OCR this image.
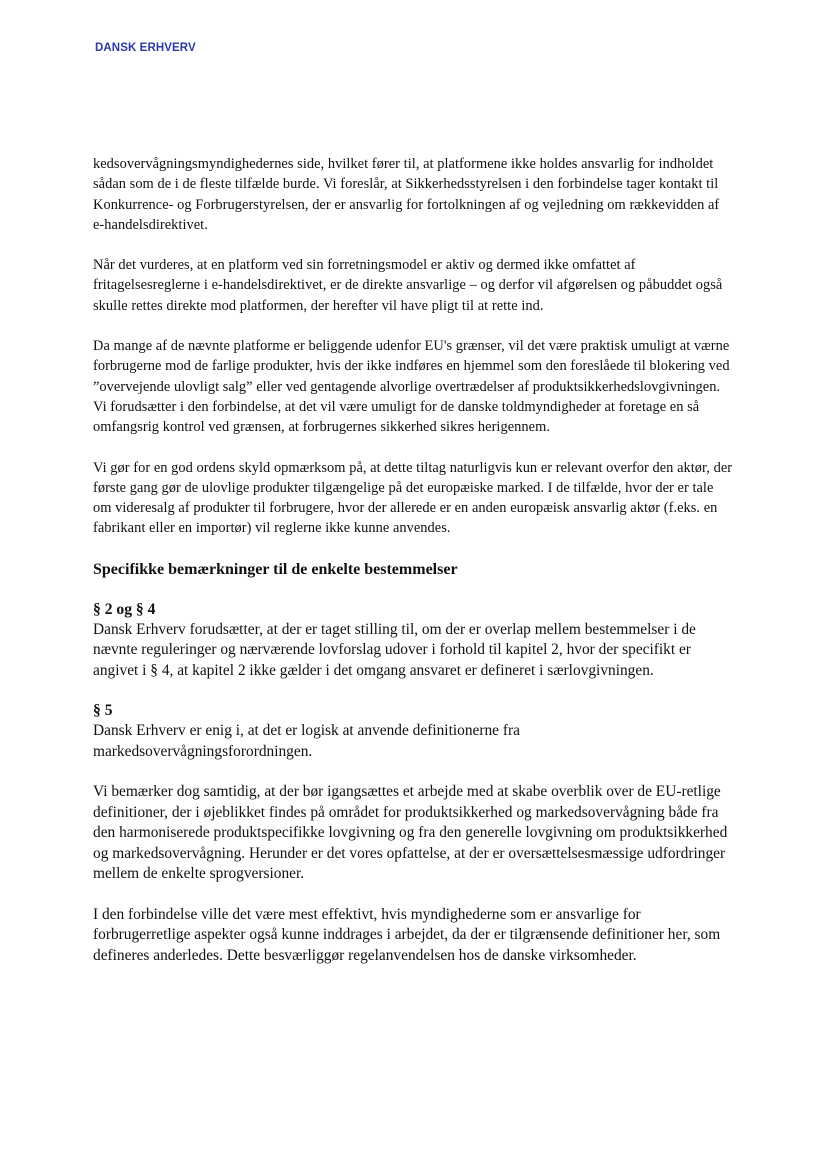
DANSK ERHVERV

kedsovervågningsmyndighedernes side, hvilket fører til, at platformene ikke holdes ansvarlig for indholdet sådan som de i de fleste tilfælde burde. Vi foreslår, at Sikkerhedsstyrelsen i den forbindelse tager kontakt til Konkurrence- og Forbrugerstyrelsen, der er ansvarlig for fortolkningen af og vejledning om rækkevidden af e-handelsdirektivet.

Når det vurderes, at en platform ved sin forretningsmodel er aktiv og dermed ikke omfattet af fritagelsesreglerne i e-handelsdirektivet, er de direkte ansvarlige – og derfor vil afgørelsen og påbuddet også skulle rettes direkte mod platformen, der herefter vil have pligt til at rette ind.

Da mange af de nævnte platforme er beliggende udenfor EU's grænser, vil det være praktisk umuligt at værne forbrugerne mod de farlige produkter, hvis der ikke indføres en hjemmel som den foreslåede til blokering ved ”overvejende ulovligt salg” eller ved gentagende alvorlige overtrædelser af produktsikkerhedslovgivningen. Vi forudsætter i den forbindelse, at det vil være umuligt for de danske toldmyndigheder at foretage en så omfangsrig kontrol ved grænsen, at forbrugernes sikkerhed sikres herigennem.

Vi gør for en god ordens skyld opmærksom på, at dette tiltag naturligvis kun er relevant overfor den aktør, der første gang gør de ulovlige produkter tilgængelige på det europæiske marked. I de tilfælde, hvor der er tale om videresalg af produkter til forbrugere, hvor der allerede er en anden europæisk ansvarlig aktør (f.eks. en fabrikant eller en importør) vil reglerne ikke kunne anvendes.

Specifikke bemærkninger til de enkelte bestemmelser
§ 2 og § 4

Dansk Erhverv forudsætter, at der er taget stilling til, om der er overlap mellem bestemmelser i de nævnte reguleringer og nærværende lovforslag udover i forhold til kapitel 2, hvor der specifikt er angivet i § 4, at kapitel 2 ikke gælder i det omgang ansvaret er defineret i særlovgivningen.

§ 5

Dansk Erhverv er enig i, at det er logisk at anvende definitionerne fra markedsovervågningsforordningen.

Vi bemærker dog samtidig, at der bør igangsættes et arbejde med at skabe overblik over de EU-retlige definitioner, der i øjeblikket findes på området for produktsikkerhed og markedsovervågning både fra den harmoniserede produktspecifikke lovgivning og fra den generelle lovgivning om produktsikkerhed og markedsovervågning. Herunder er det vores opfattelse, at der er oversættelsesmæssige udfordringer mellem de enkelte sprogversioner.

I den forbindelse ville det være mest effektivt, hvis myndighederne som er ansvarlige for forbrugerretlige aspekter også kunne inddrages i arbejdet, da der er tilgrænsende definitioner her, som defineres anderledes. Dette besværliggør regelanvendelsen hos de danske virksomheder.
